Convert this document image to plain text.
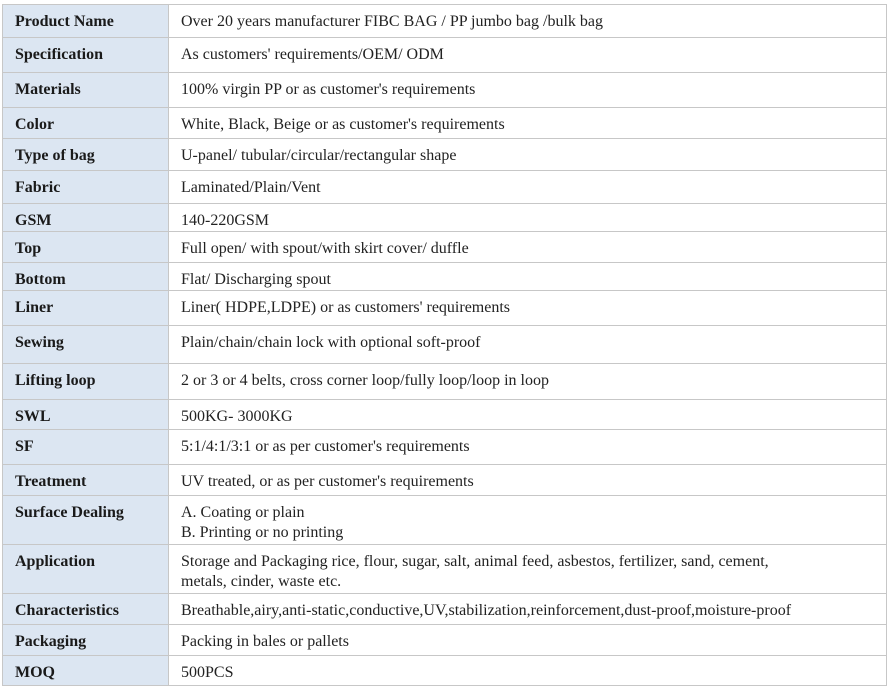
Product Name	Over 20 years manufacturer FIBC BAG / PP jumbo bag /bulk bag

Specification	As customers' requirements/OEM/ ODM

Materials	100% virgin PP or as customer's requirements

Color	White, Black, Beige or as customer's requirements

Type of bag	U-panel/ tubular/circular/rectangular shape

Fabric	Laminated/Plain/Vent

GSM	140-220GSM

Top	Full open/ with spout/with skirt cover/ duffle

Bottom	Flat/ Discharging spout

Liner	Liner( HDPE,LDPE) or as customers' requirements

Sewing	Plain/chain/chain lock with optional soft-proof

Lifting loop	2 or 3 or 4 belts, cross corner loop/fully loop/loop in loop

SWL	500KG- 3000KG

SF	5:1/4:1/3:1 or as per customer's requirements

Treatment	UV treated, or as per customer's requirements

Surface Dealing	A. Coating or plain
B. Printing or no printing

Application	Storage and Packaging rice, flour, sugar, salt, animal feed, asbestos, fertilizer, sand, cement,
metals, cinder, waste etc.

Characteristics	Breathable,airy,anti-static,conductive,UV,stabilization,reinforcement,dust-proof,moisture-proof

Packaging	Packing in bales or pallets

MOQ	500PCS
